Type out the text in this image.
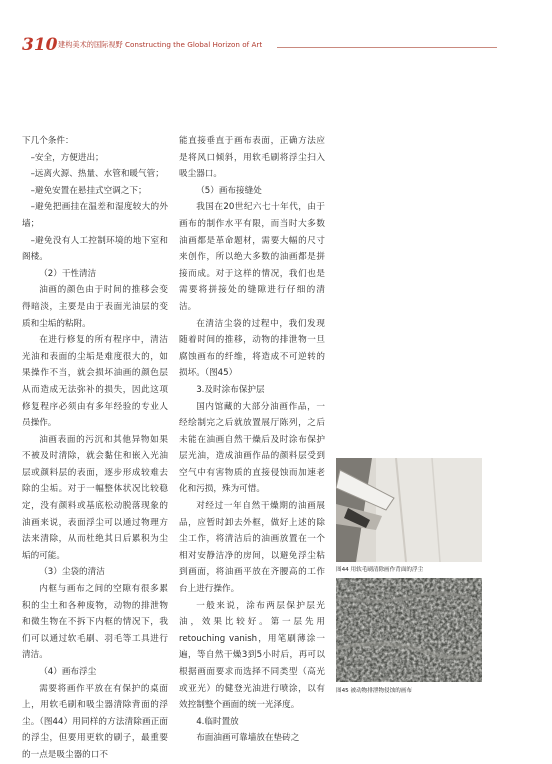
310 建构美术的国际视野 Constructing the Global Horizon of Art

下几个条件：

–安全，方便进出；

–远离火源、热量、水管和暖气管；

–避免安置在悬挂式空调之下；

–避免把画挂在温差和湿度较大的外墙；

–避免没有人工控制环境的地下室和阁楼。

（2）干性清洁

油画的颜色由于时间的推移会变得暗淡，主要是由于表面光油层的变质和尘垢的粘附。

在进行修复的所有程序中，清洁光油和表面的尘垢是难度很大的，如果操作不当，就会损坏油画的颜色层从而造成无法弥补的损失，因此这项修复程序必须由有多年经验的专业人员操作。

油画表面的污沉和其他异物如果不被及时清除，就会黏住和嵌入光油层或颜料层的表面，逐步形成较难去除的尘垢。对于一幅整体状况比较稳定，没有颜料或基底松动脱落现象的油画来说，表面浮尘可以通过物理方法来清除，从而杜绝其日后累积为尘垢的可能。

（3）尘袋的清洁

内框与画布之间的空隙有很多累积的尘土和各种废物，动物的排泄物和微生物在不拆下内框的情况下，我们可以通过软毛刷、羽毛等工具进行清洁。

（4）画布浮尘

需要将画作平放在有保护的桌面上，用软毛刷和吸尘器清除背面的浮尘。（图44）用同样的方法清除画正面的浮尘，但要用更软的刷子，最重要的一点是吸尘器的口不

能直接垂直于画布表面，正确方法应是将风口倾斜，用软毛刷将浮尘扫入吸尘器口。

（5）画布接缝处

我国在20世纪六七十年代，由于画布的制作水平有限，而当时大多数油画都是革命题材，需要大幅的尺寸来创作，所以绝大多数的油画都是拼接而成。对于这样的情况，我们也是需要将拼接处的缝隙进行仔细的清洁。

在清洁尘袋的过程中，我们发现随着时间的推移，动物的排泄物一旦腐蚀画布的纤维，将造成不可逆转的损坏。（图45）

3.及时涂布保护层

国内馆藏的大部分油画作品，一经绘制完之后就放置展厅陈列，之后未能在油画自然干燥后及时涂布保护层光油，造成油画作品的颜料层受到空气中有害物质的直接侵蚀而加速老化和污损，殊为可惜。

对经过一年自然干燥期的油画展品，应暂时卸去外框，做好上述的除尘工作，将清洁后的油画放置在一个相对安静洁净的房间，以避免浮尘粘到画面，将油画平放在齐腰高的工作台上进行操作。

一般来说，涂布两层保护层光油，效果比较好。第一层先用retouching vanish，用笔刷薄涂一遍，等自然干燥3到5小时后，再可以根据画面要求而选择不同类型（高光或亚光）的健登光油进行喷涂，以有效控制整个画面的统一光泽度。

4.临时置放

布面油画可靠墙放在垫砖之

图44 用软毛刷清除画作背面的浮尘
图45 被动物排泄物侵蚀的画布
